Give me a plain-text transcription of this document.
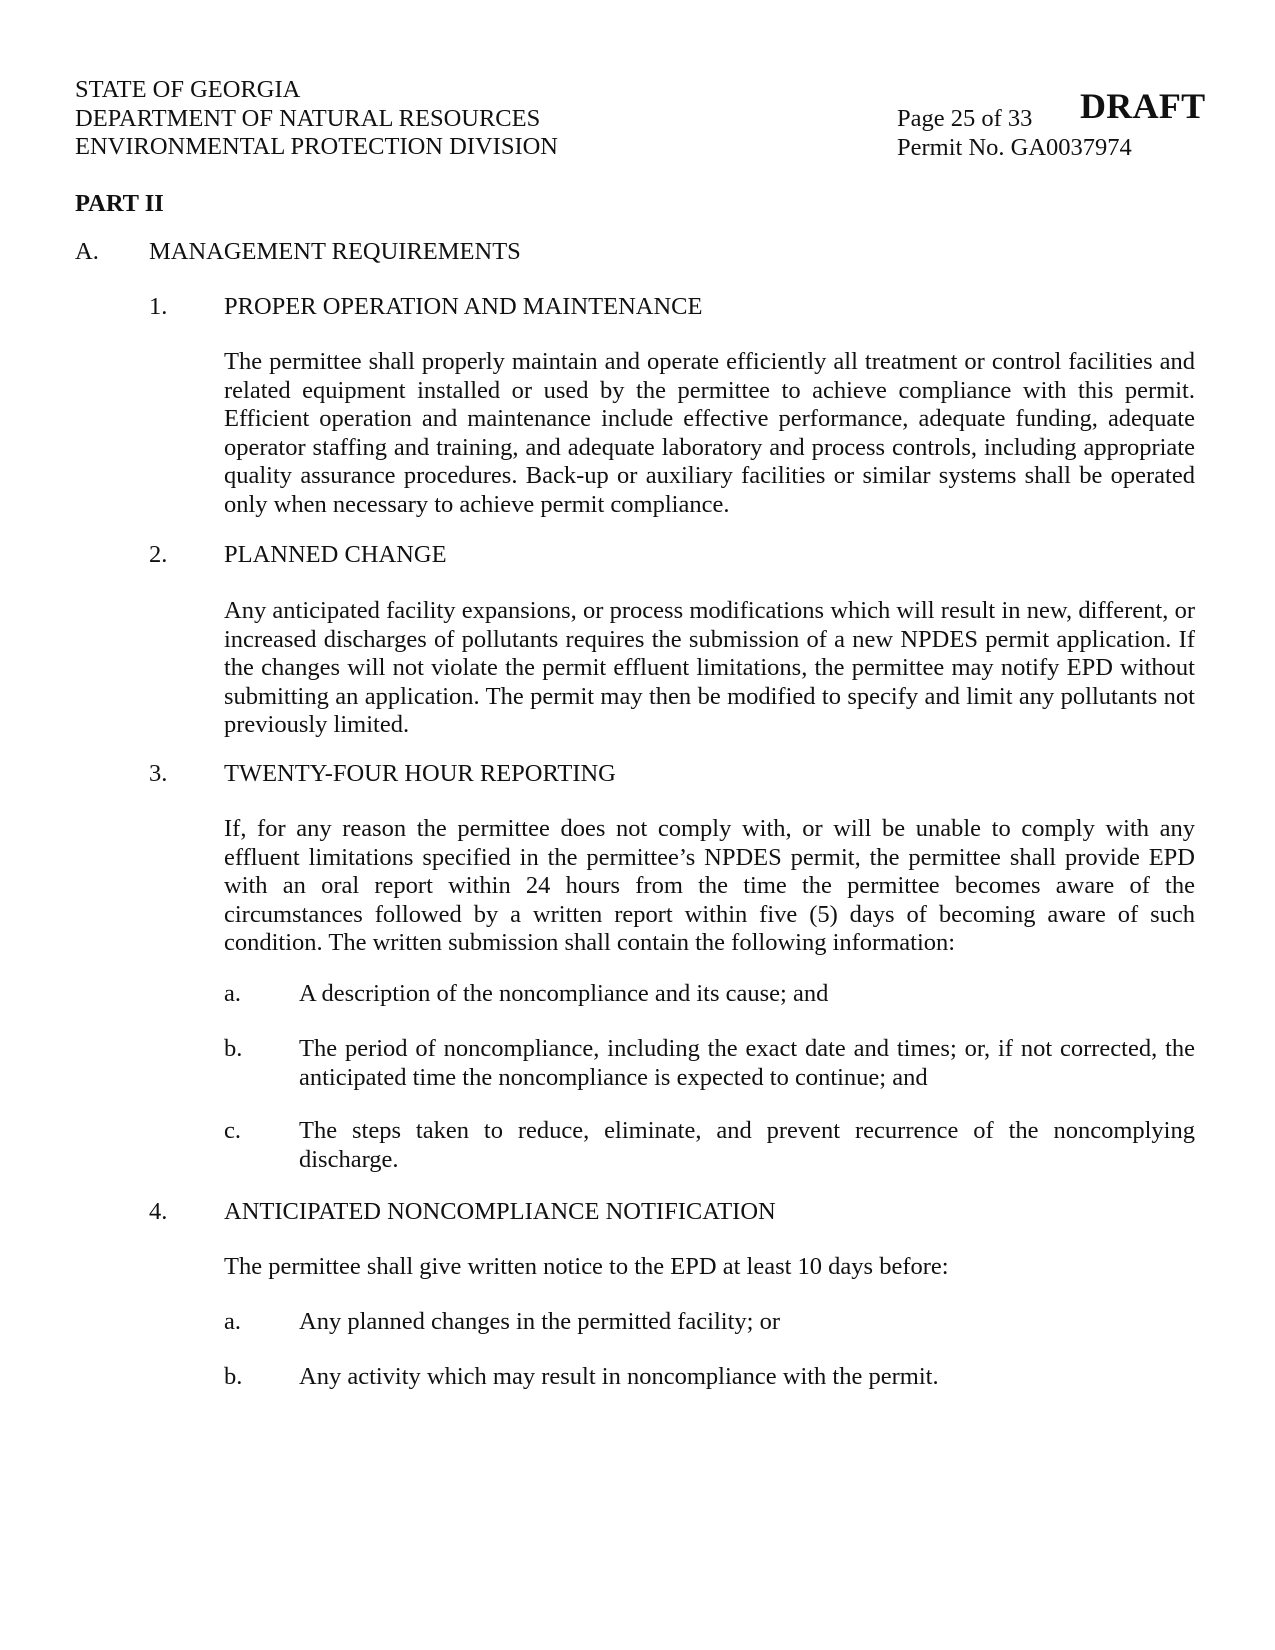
STATE OF GEORGIA
DEPARTMENT OF NATURAL RESOURCES
ENVIRONMENTAL PROTECTION DIVISION
Page 25 of 33
Permit No. GA0037974
DRAFT
PART II
A. MANAGEMENT REQUIREMENTS
1. PROPER OPERATION AND MAINTENANCE
The permittee shall properly maintain and operate efficiently all treatment or control facilities and related equipment installed or used by the permittee to achieve compliance with this permit. Efficient operation and maintenance include effective performance, adequate funding, adequate operator staffing and training, and adequate laboratory and process controls, including appropriate quality assurance procedures. Back-up or auxiliary facilities or similar systems shall be operated only when necessary to achieve permit compliance.
2. PLANNED CHANGE
Any anticipated facility expansions, or process modifications which will result in new, different, or increased discharges of pollutants requires the submission of a new NPDES permit application. If the changes will not violate the permit effluent limitations, the permittee may notify EPD without submitting an application. The permit may then be modified to specify and limit any pollutants not previously limited.
3. TWENTY-FOUR HOUR REPORTING
If, for any reason the permittee does not comply with, or will be unable to comply with any effluent limitations specified in the permittee’s NPDES permit, the permittee shall provide EPD with an oral report within 24 hours from the time the permittee becomes aware of the circumstances followed by a written report within five (5) days of becoming aware of such condition. The written submission shall contain the following information:
a. A description of the noncompliance and its cause; and
b. The period of noncompliance, including the exact date and times; or, if not corrected, the anticipated time the noncompliance is expected to continue; and
c. The steps taken to reduce, eliminate, and prevent recurrence of the noncomplying discharge.
4. ANTICIPATED NONCOMPLIANCE NOTIFICATION
The permittee shall give written notice to the EPD at least 10 days before:
a. Any planned changes in the permitted facility; or
b. Any activity which may result in noncompliance with the permit.
